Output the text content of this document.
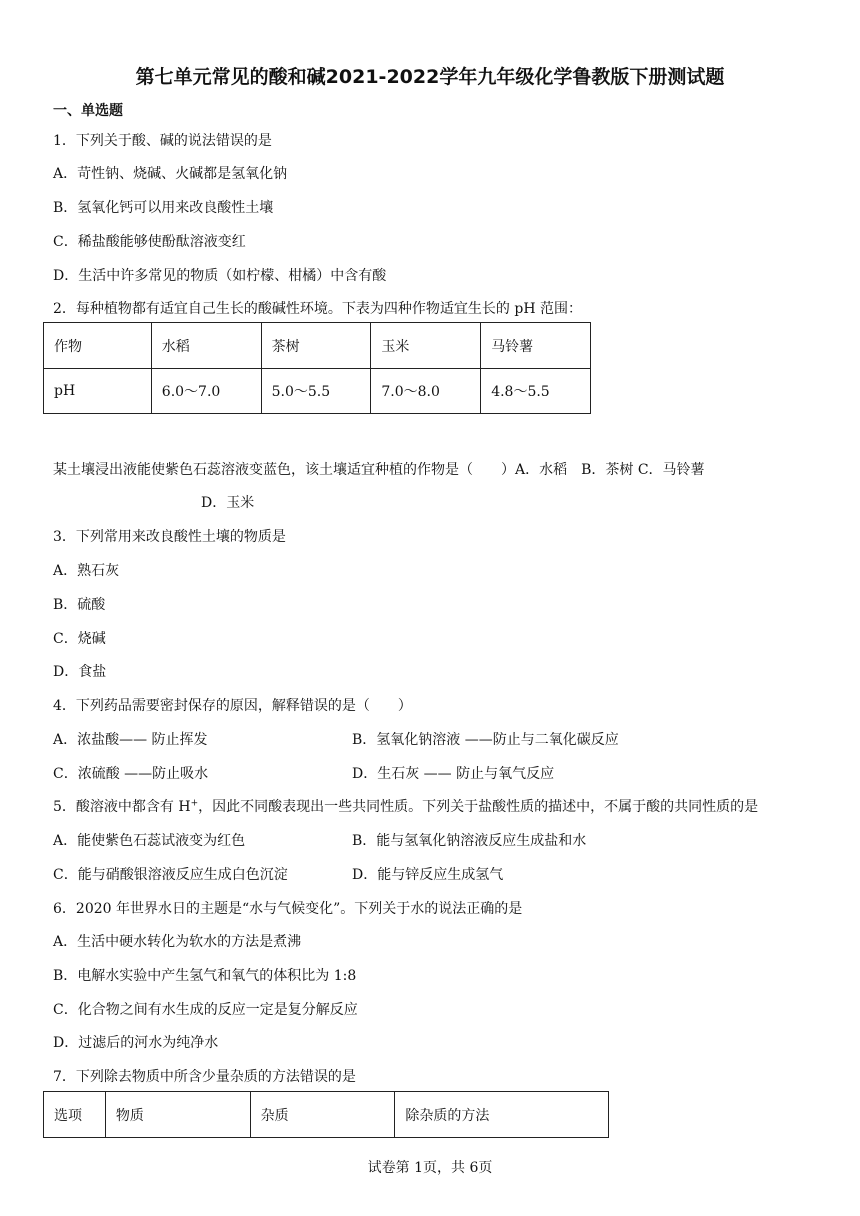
第七单元常见的酸和碱2021-2022学年九年级化学鲁教版下册测试题
一、单选题
1．下列关于酸、碱的说法错误的是
A．苛性钠、烧碱、火碱都是氢氧化钠
B．氢氧化钙可以用来改良酸性土壤
C．稀盐酸能够使酚酞溶液变红
D．生活中许多常见的物质（如柠檬、柑橘）中含有酸
2．每种植物都有适宜自己生长的酸碱性环境。下表为四种作物适宜生长的 pH 范围：
作物	水稻	茶树	玉米	马铃薯
pH	6.0～7.0	5.0～5.5	7.0～8.0	4.8～5.5
某土壤浸出液能使紫色石蕊溶液变蓝色，该土壤适宜种植的作物是（　　）A．水稻　B．茶树 C．马铃薯
D．玉米
3．下列常用来改良酸性土壤的物质是
A．熟石灰
B．硫酸
C．烧碱
D．食盐
4．下列药品需要密封保存的原因，解释错误的是（　　）
A．浓盐酸—— 防止挥发	B．氢氧化钠溶液 ——防止与二氧化碳反应
C．浓硫酸 ——防止吸水	D．生石灰 —— 防止与氧气反应
5．酸溶液中都含有 H+，因此不同酸表现出一些共同性质。下列关于盐酸性质的描述中，不属于酸的共同性质的是
A．能使紫色石蕊试液变为红色	B．能与氢氧化钠溶液反应生成盐和水
C．能与硝酸银溶液反应生成白色沉淀	D．能与锌反应生成氢气
6．2020 年世界水日的主题是“水与气候变化”。下列关于水的说法正确的是
A．生活中硬水转化为软水的方法是煮沸
B．电解水实验中产生氢气和氧气的体积比为 1:8
C．化合物之间有水生成的反应一定是复分解反应
D．过滤后的河水为纯净水
7．下列除去物质中所含少量杂质的方法错误的是
选项	物质	杂质	除杂质的方法
试卷第 1页，共 6页
